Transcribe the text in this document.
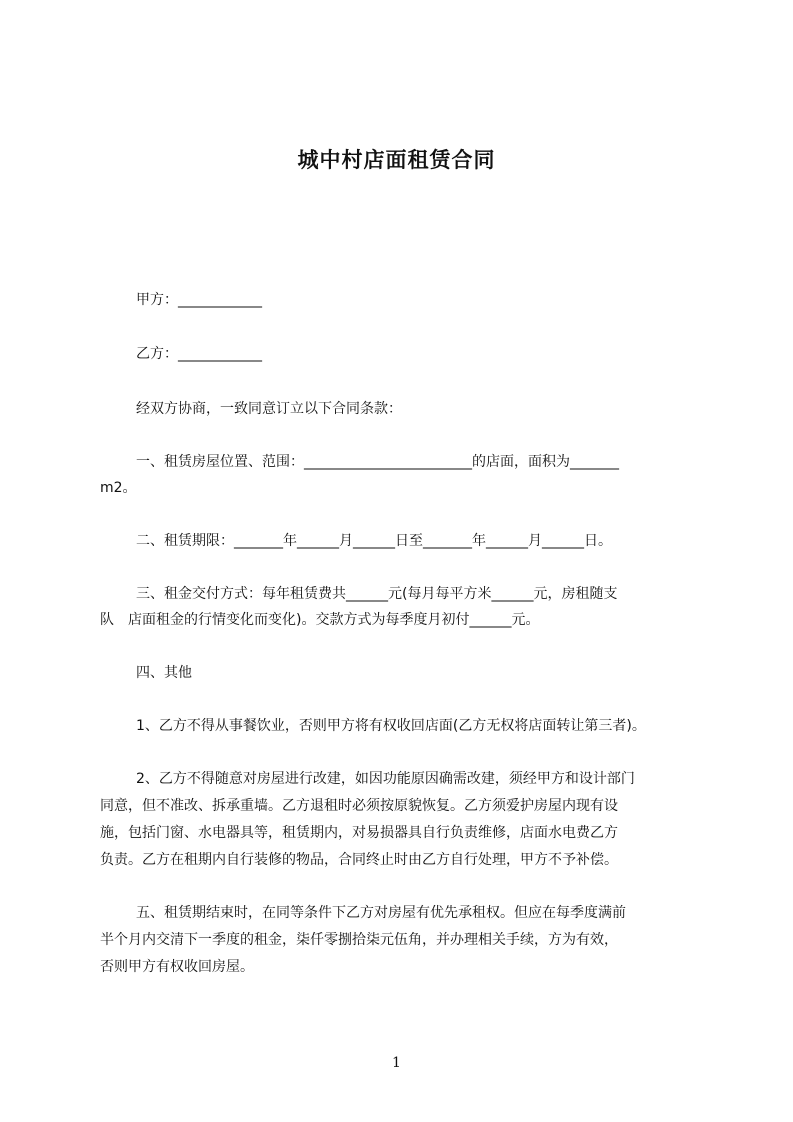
城中村店面租赁合同
甲方：____________
乙方：____________
经双方协商，一致同意订立以下合同条款：
一、租赁房屋位置、范围：________________________的店面，面积为_______
m2。
二、租赁期限：_______年______月______日至_______年______月______日。
三、租金交付方式：每年租赁费共______元(每月每平方米______元，房租随支
队　店面租金的行情变化而变化)。交款方式为每季度月初付______元。
四、其他
1、乙方不得从事餐饮业，否则甲方将有权收回店面(乙方无权将店面转让第三者)。
2、乙方不得随意对房屋进行改建，如因功能原因确需改建，须经甲方和设计部门
同意，但不准改、拆承重墙。乙方退租时必须按原貌恢复。乙方须爱护房屋内现有设
施，包括门窗、水电器具等，租赁期内，对易损器具自行负责维修，店面水电费乙方
负责。乙方在租期内自行装修的物品，合同终止时由乙方自行处理，甲方不予补偿。
五、租赁期结束时，在同等条件下乙方对房屋有优先承租权。但应在每季度满前
半个月内交清下一季度的租金，柒仟零捌拾柒元伍角，并办理相关手续，方为有效，
否则甲方有权收回房屋。
1
